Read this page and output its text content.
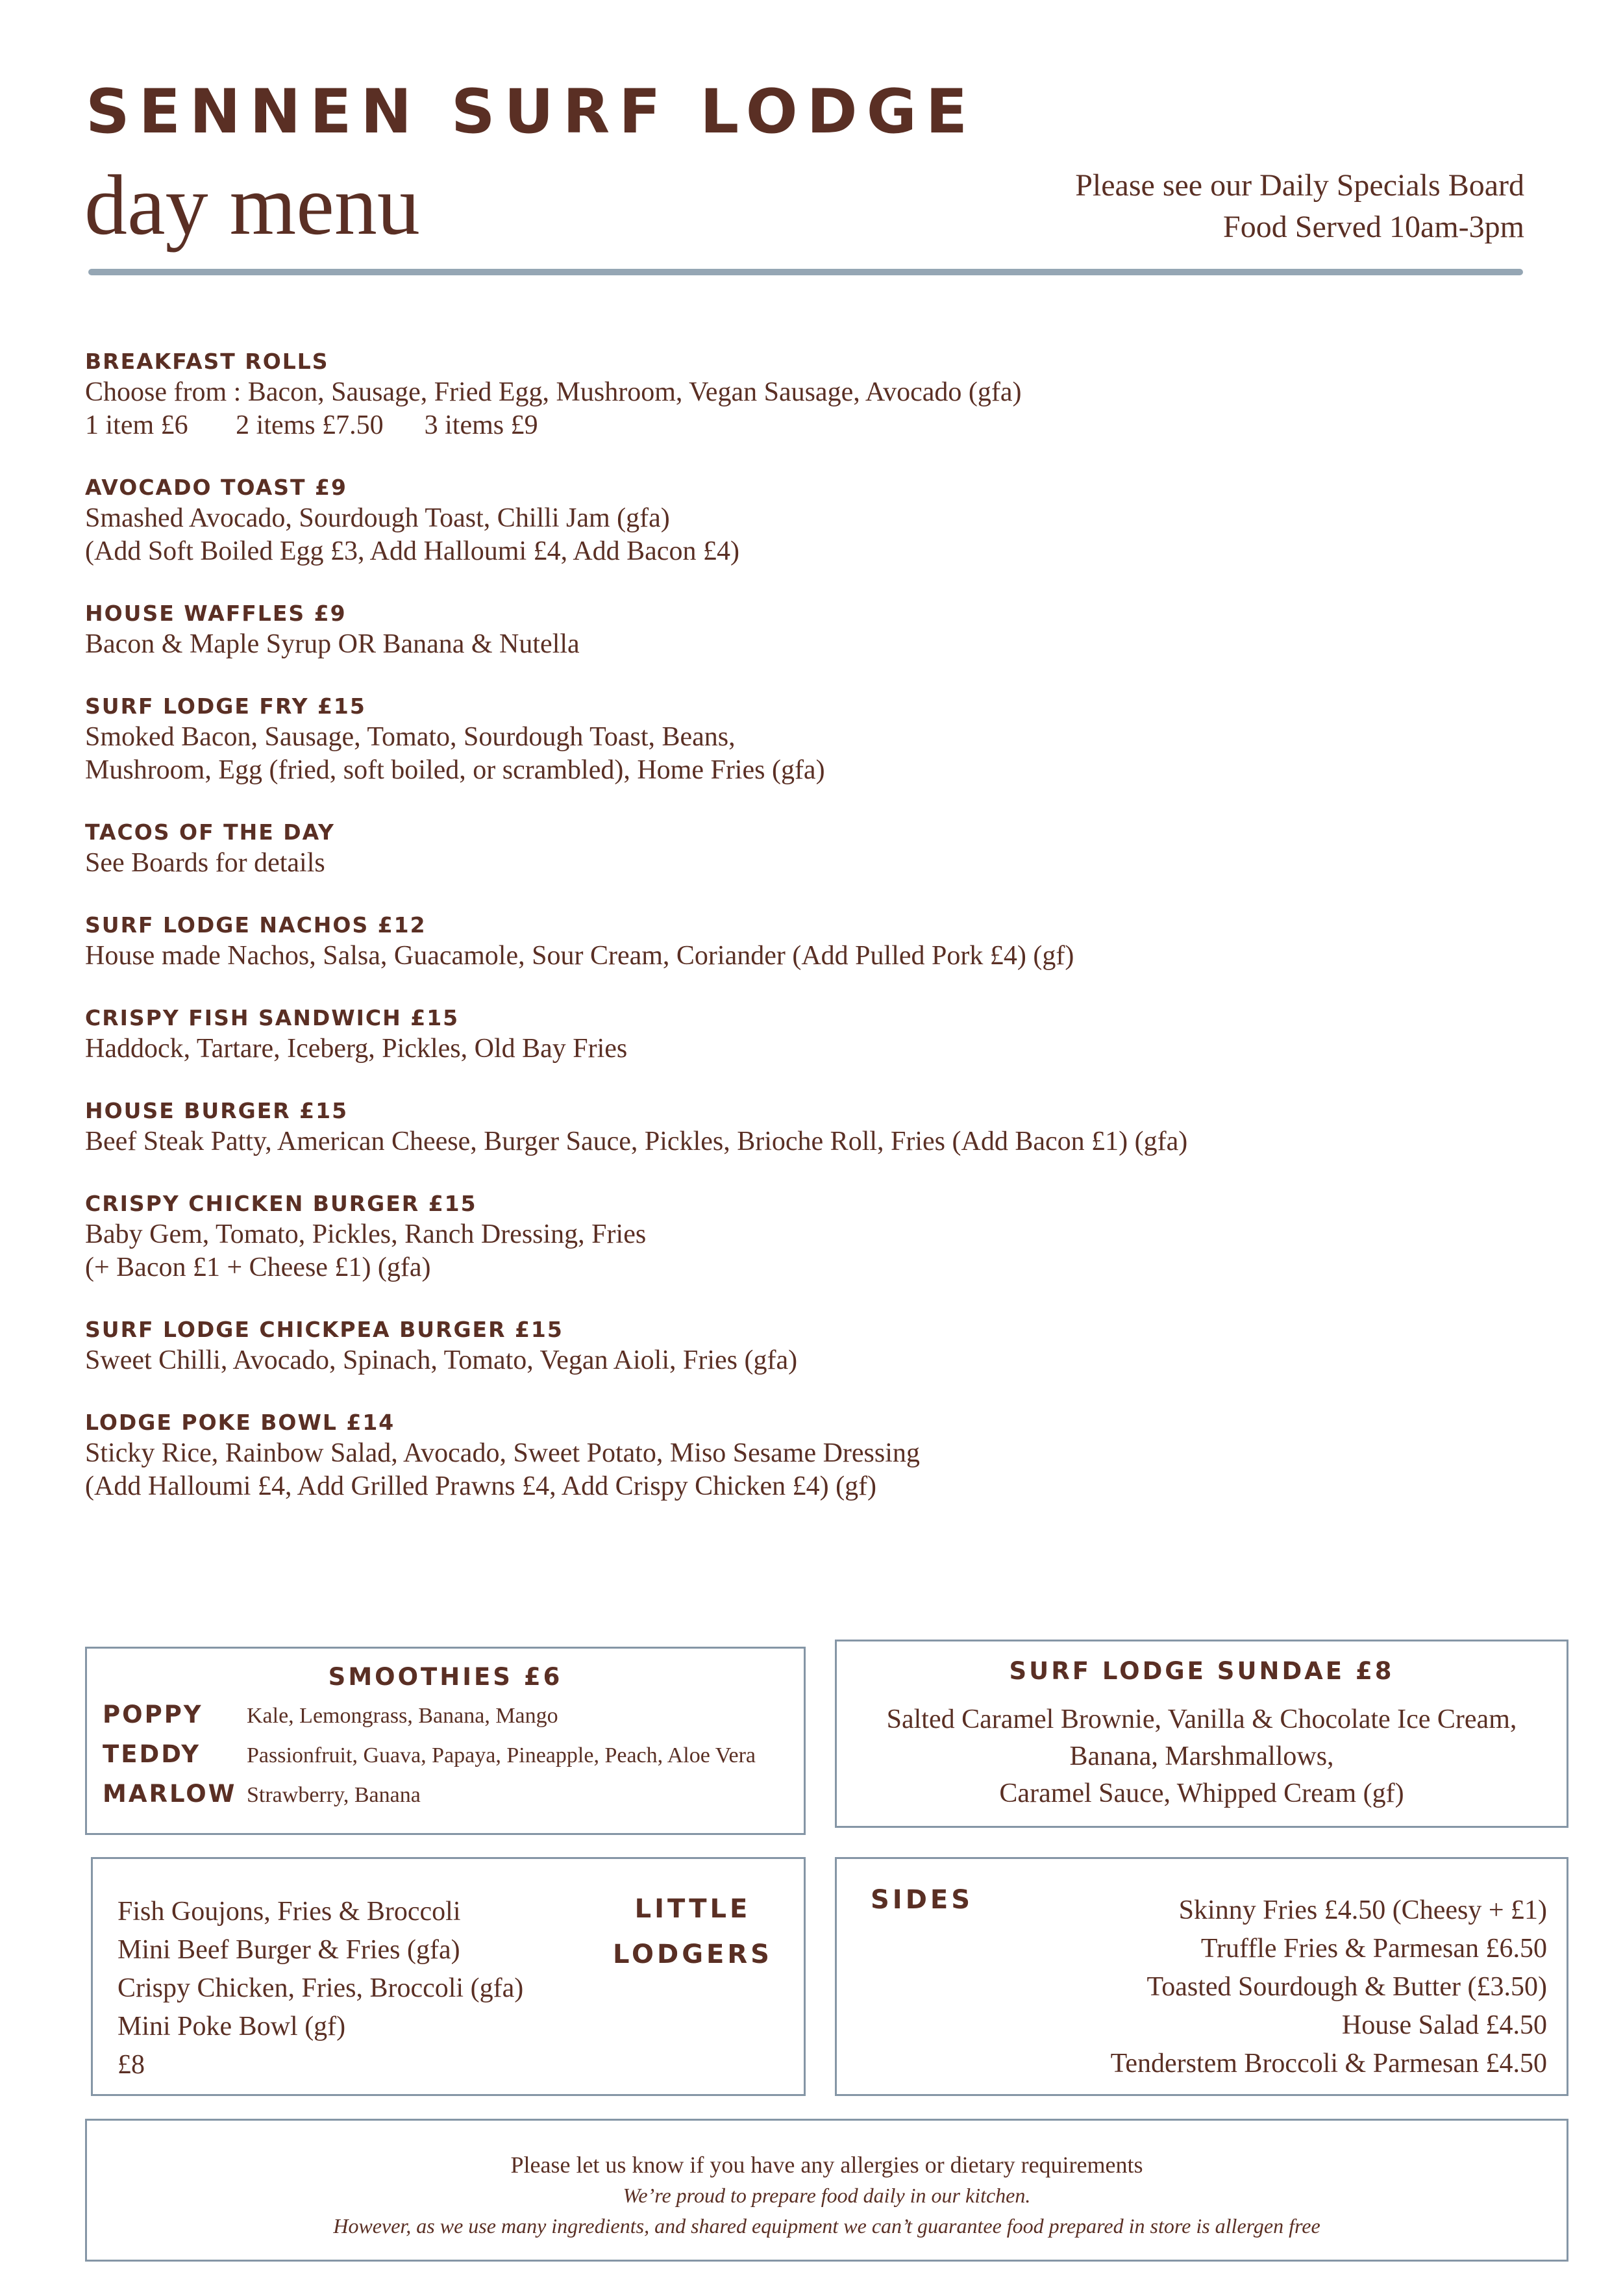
SENNEN SURF LODGE
day menu	Please see our Daily Specials Board
Food Served 10am-3pm
BREAKFAST ROLLS
Choose from : Bacon, Sausage, Fried Egg, Mushroom, Vegan Sausage, Avocado (gfa)
1 item £6       2 items £7.50      3 items £9
AVOCADO TOAST £9
Smashed Avocado, Sourdough Toast, Chilli Jam (gfa)
(Add Soft Boiled Egg £3, Add Halloumi £4, Add Bacon £4)
HOUSE WAFFLES £9
Bacon & Maple Syrup OR Banana & Nutella
SURF LODGE FRY £15
Smoked Bacon, Sausage, Tomato, Sourdough Toast, Beans,
Mushroom, Egg (fried, soft boiled, or scrambled), Home Fries (gfa)
TACOS OF THE DAY
See Boards for details
SURF LODGE NACHOS £12
House made Nachos, Salsa, Guacamole, Sour Cream, Coriander (Add Pulled Pork £4) (gf)
CRISPY FISH SANDWICH £15
Haddock, Tartare, Iceberg, Pickles, Old Bay Fries
HOUSE BURGER £15
Beef Steak Patty, American Cheese, Burger Sauce, Pickles, Brioche Roll, Fries (Add Bacon £1) (gfa)
CRISPY CHICKEN BURGER £15
Baby Gem, Tomato, Pickles, Ranch Dressing, Fries
(+ Bacon £1 + Cheese £1) (gfa)
SURF LODGE CHICKPEA BURGER £15
Sweet Chilli, Avocado, Spinach, Tomato, Vegan Aioli, Fries (gfa)
LODGE POKE BOWL £14
Sticky Rice, Rainbow Salad, Avocado, Sweet Potato, Miso Sesame Dressing
(Add Halloumi £4, Add Grilled Prawns £4, Add Crispy Chicken £4) (gf)
SMOOTHIES £6
POPPY	Kale, Lemongrass, Banana, Mango
TEDDY	Passionfruit, Guava, Papaya, Pineapple, Peach, Aloe Vera
MARLOW Strawberry, Banana
SURF LODGE SUNDAE £8
Salted Caramel Brownie, Vanilla & Chocolate Ice Cream,
Banana, Marshmallows,
Caramel Sauce, Whipped Cream (gf)
Fish Goujons, Fries & Broccoli
Mini Beef Burger & Fries (gfa)
Crispy Chicken, Fries, Broccoli (gfa)
Mini Poke Bowl (gf)
£8
LITTLE
LODGERS
SIDES	Skinny Fries £4.50 (Cheesy + £1)
Truffle Fries & Parmesan £6.50
Toasted Sourdough & Butter (£3.50)
House Salad £4.50
Tenderstem Broccoli & Parmesan £4.50
Please let us know if you have any allergies or dietary requirements
We’re proud to prepare food daily in our kitchen.
However, as we use many ingredients, and shared equipment we can’t guarantee food prepared in store is allergen free
